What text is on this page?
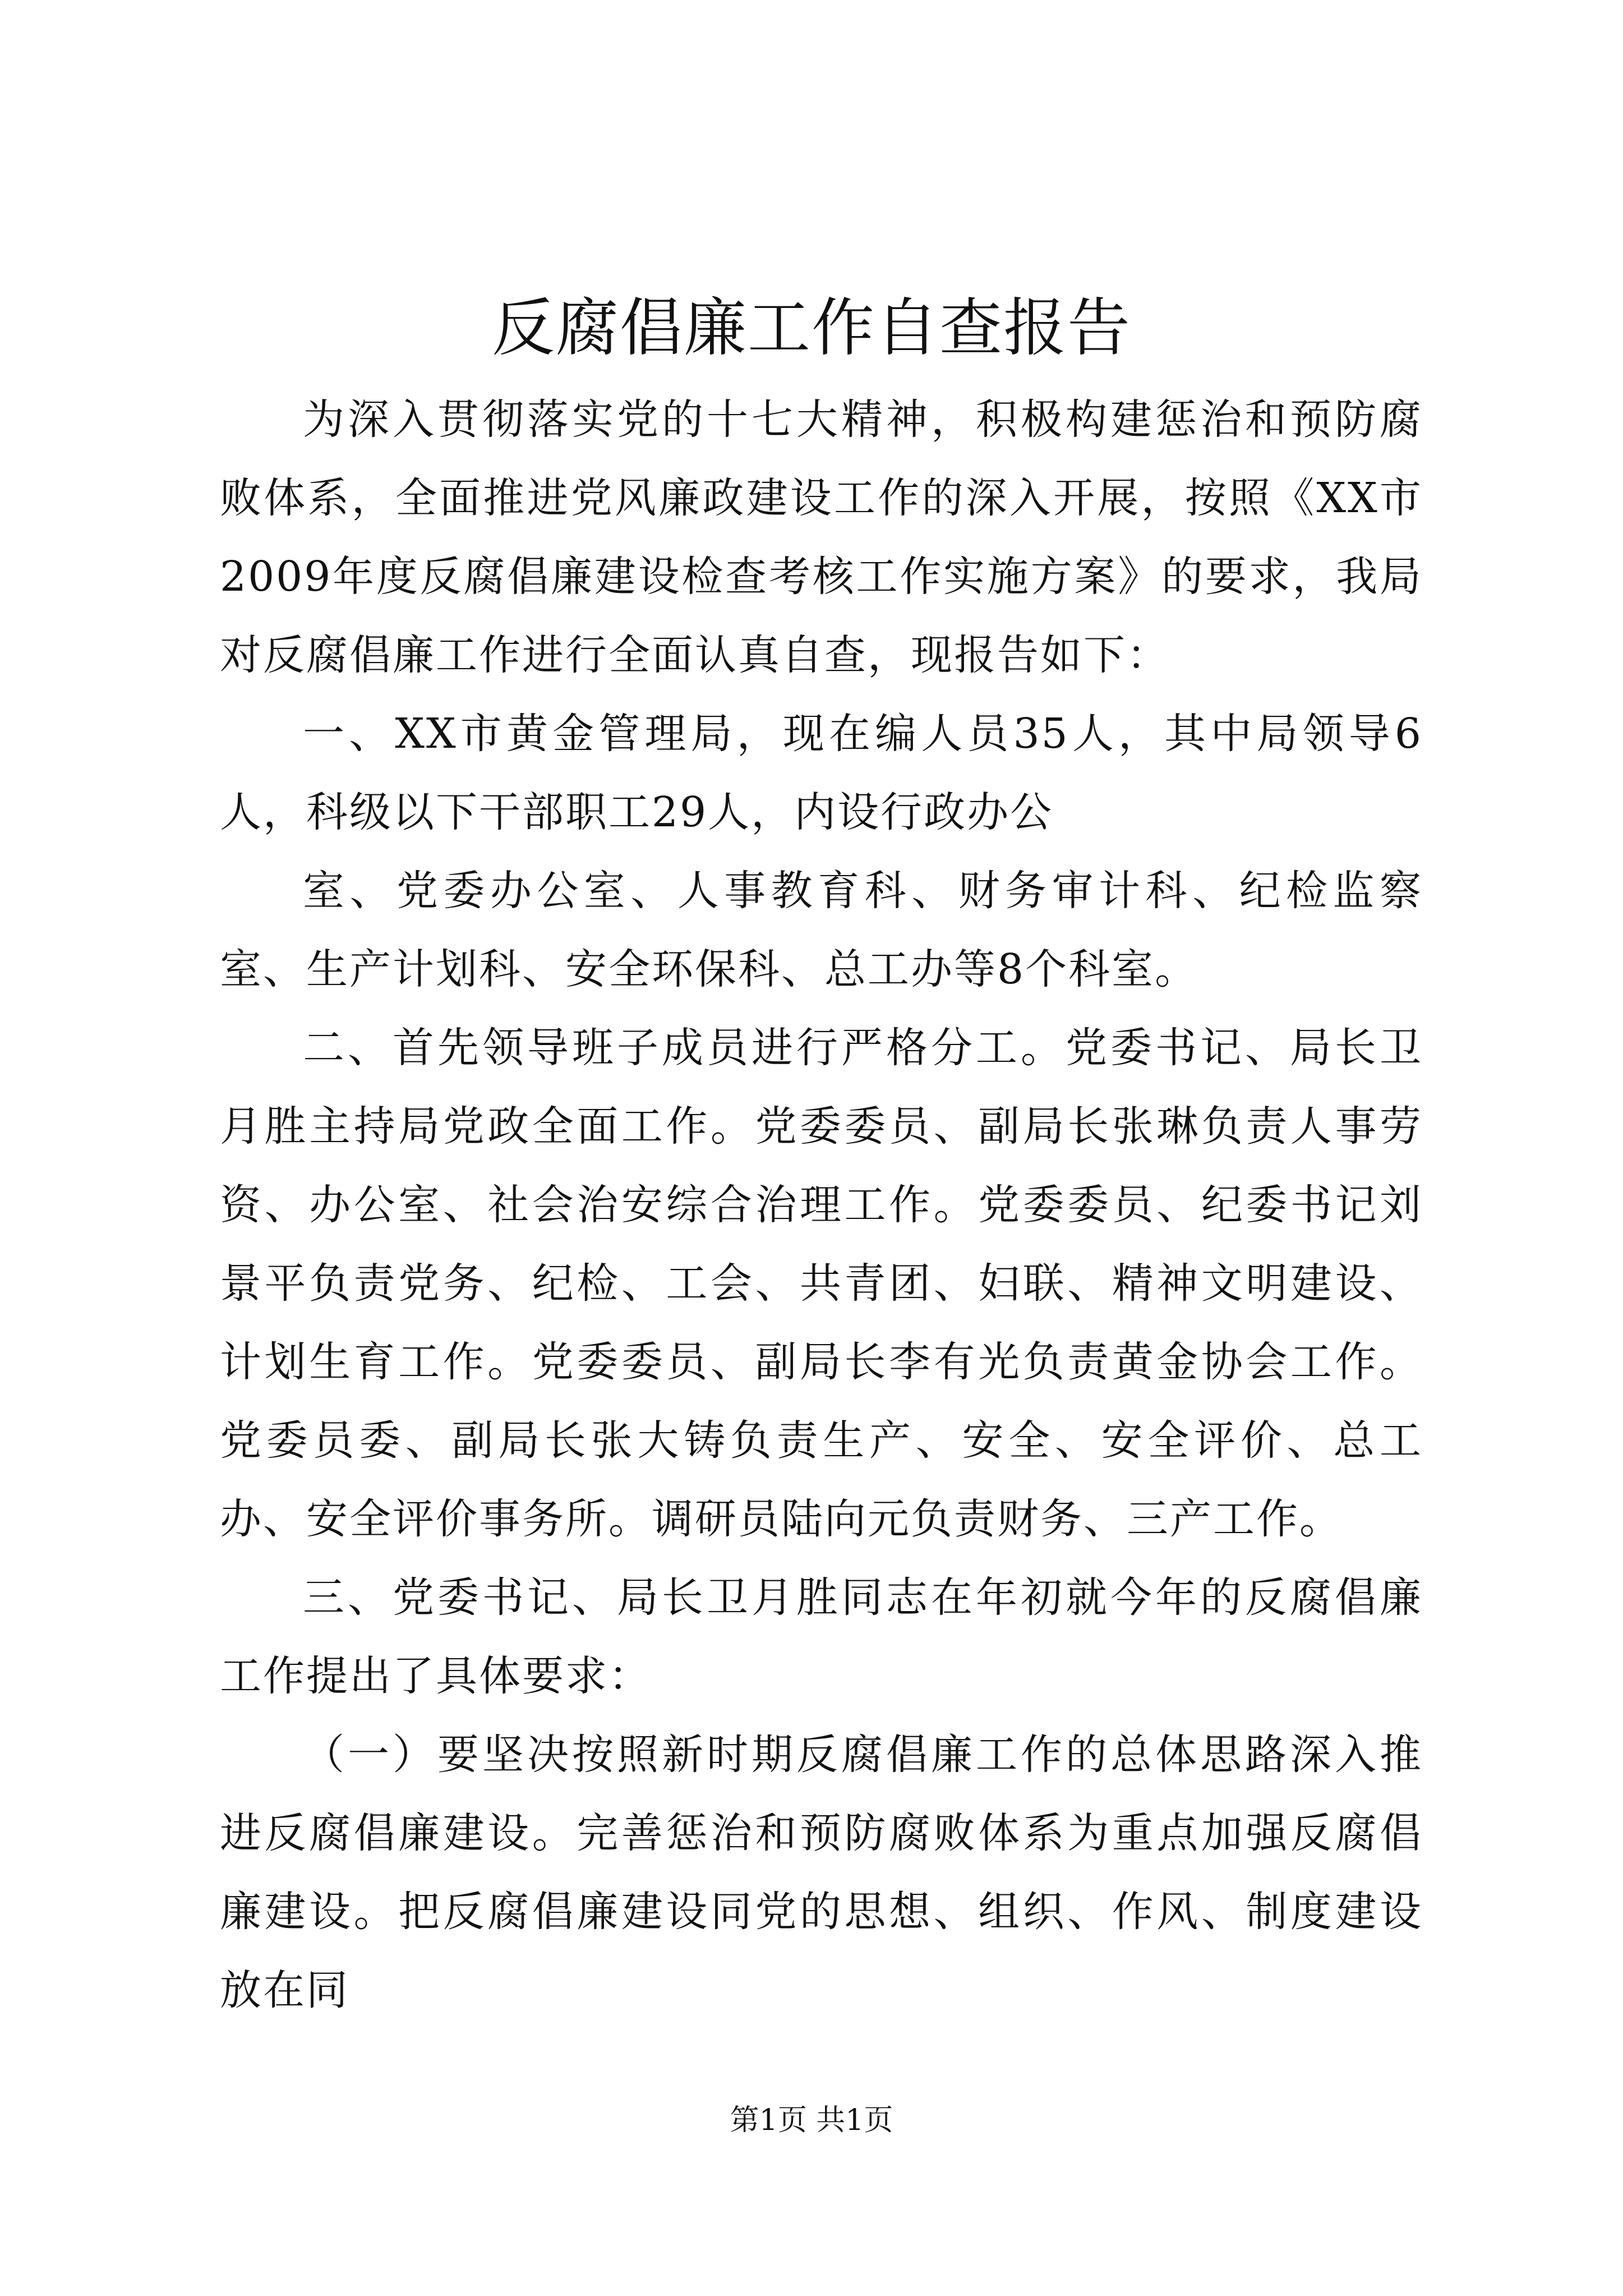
反腐倡廉工作自查报告

为深入贯彻落实党的十七大精神，积极构建惩治和预防腐败体系，全面推进党风廉政建设工作的深入开展，按照《XX市2009年度反腐倡廉建设检查考核工作实施方案》的要求，我局对反腐倡廉工作进行全面认真自查，现报告如下：

一、XX市黄金管理局，现在编人员35人，其中局领导6人，科级以下干部职工29人，内设行政办公

室、党委办公室、人事教育科、财务审计科、纪检监察室、生产计划科、安全环保科、总工办等8个科室。

二、首先领导班子成员进行严格分工。党委书记、局长卫月胜主持局党政全面工作。党委委员、副局长张琳负责人事劳资、办公室、社会治安综合治理工作。党委委员、纪委书记刘景平负责党务、纪检、工会、共青团、妇联、精神文明建设、计划生育工作。党委委员、副局长李有光负责黄金协会工作。党委员委、副局长张大铸负责生产、安全、安全评价、总工办、安全评价事务所。调研员陆向元负责财务、三产工作。

三、党委书记、局长卫月胜同志在年初就今年的反腐倡廉工作提出了具体要求：

（一）要坚决按照新时期反腐倡廉工作的总体思路深入推进反腐倡廉建设。完善惩治和预防腐败体系为重点加强反腐倡廉建设。把反腐倡廉建设同党的思想、组织、作风、制度建设放在同

第1页 共1页
